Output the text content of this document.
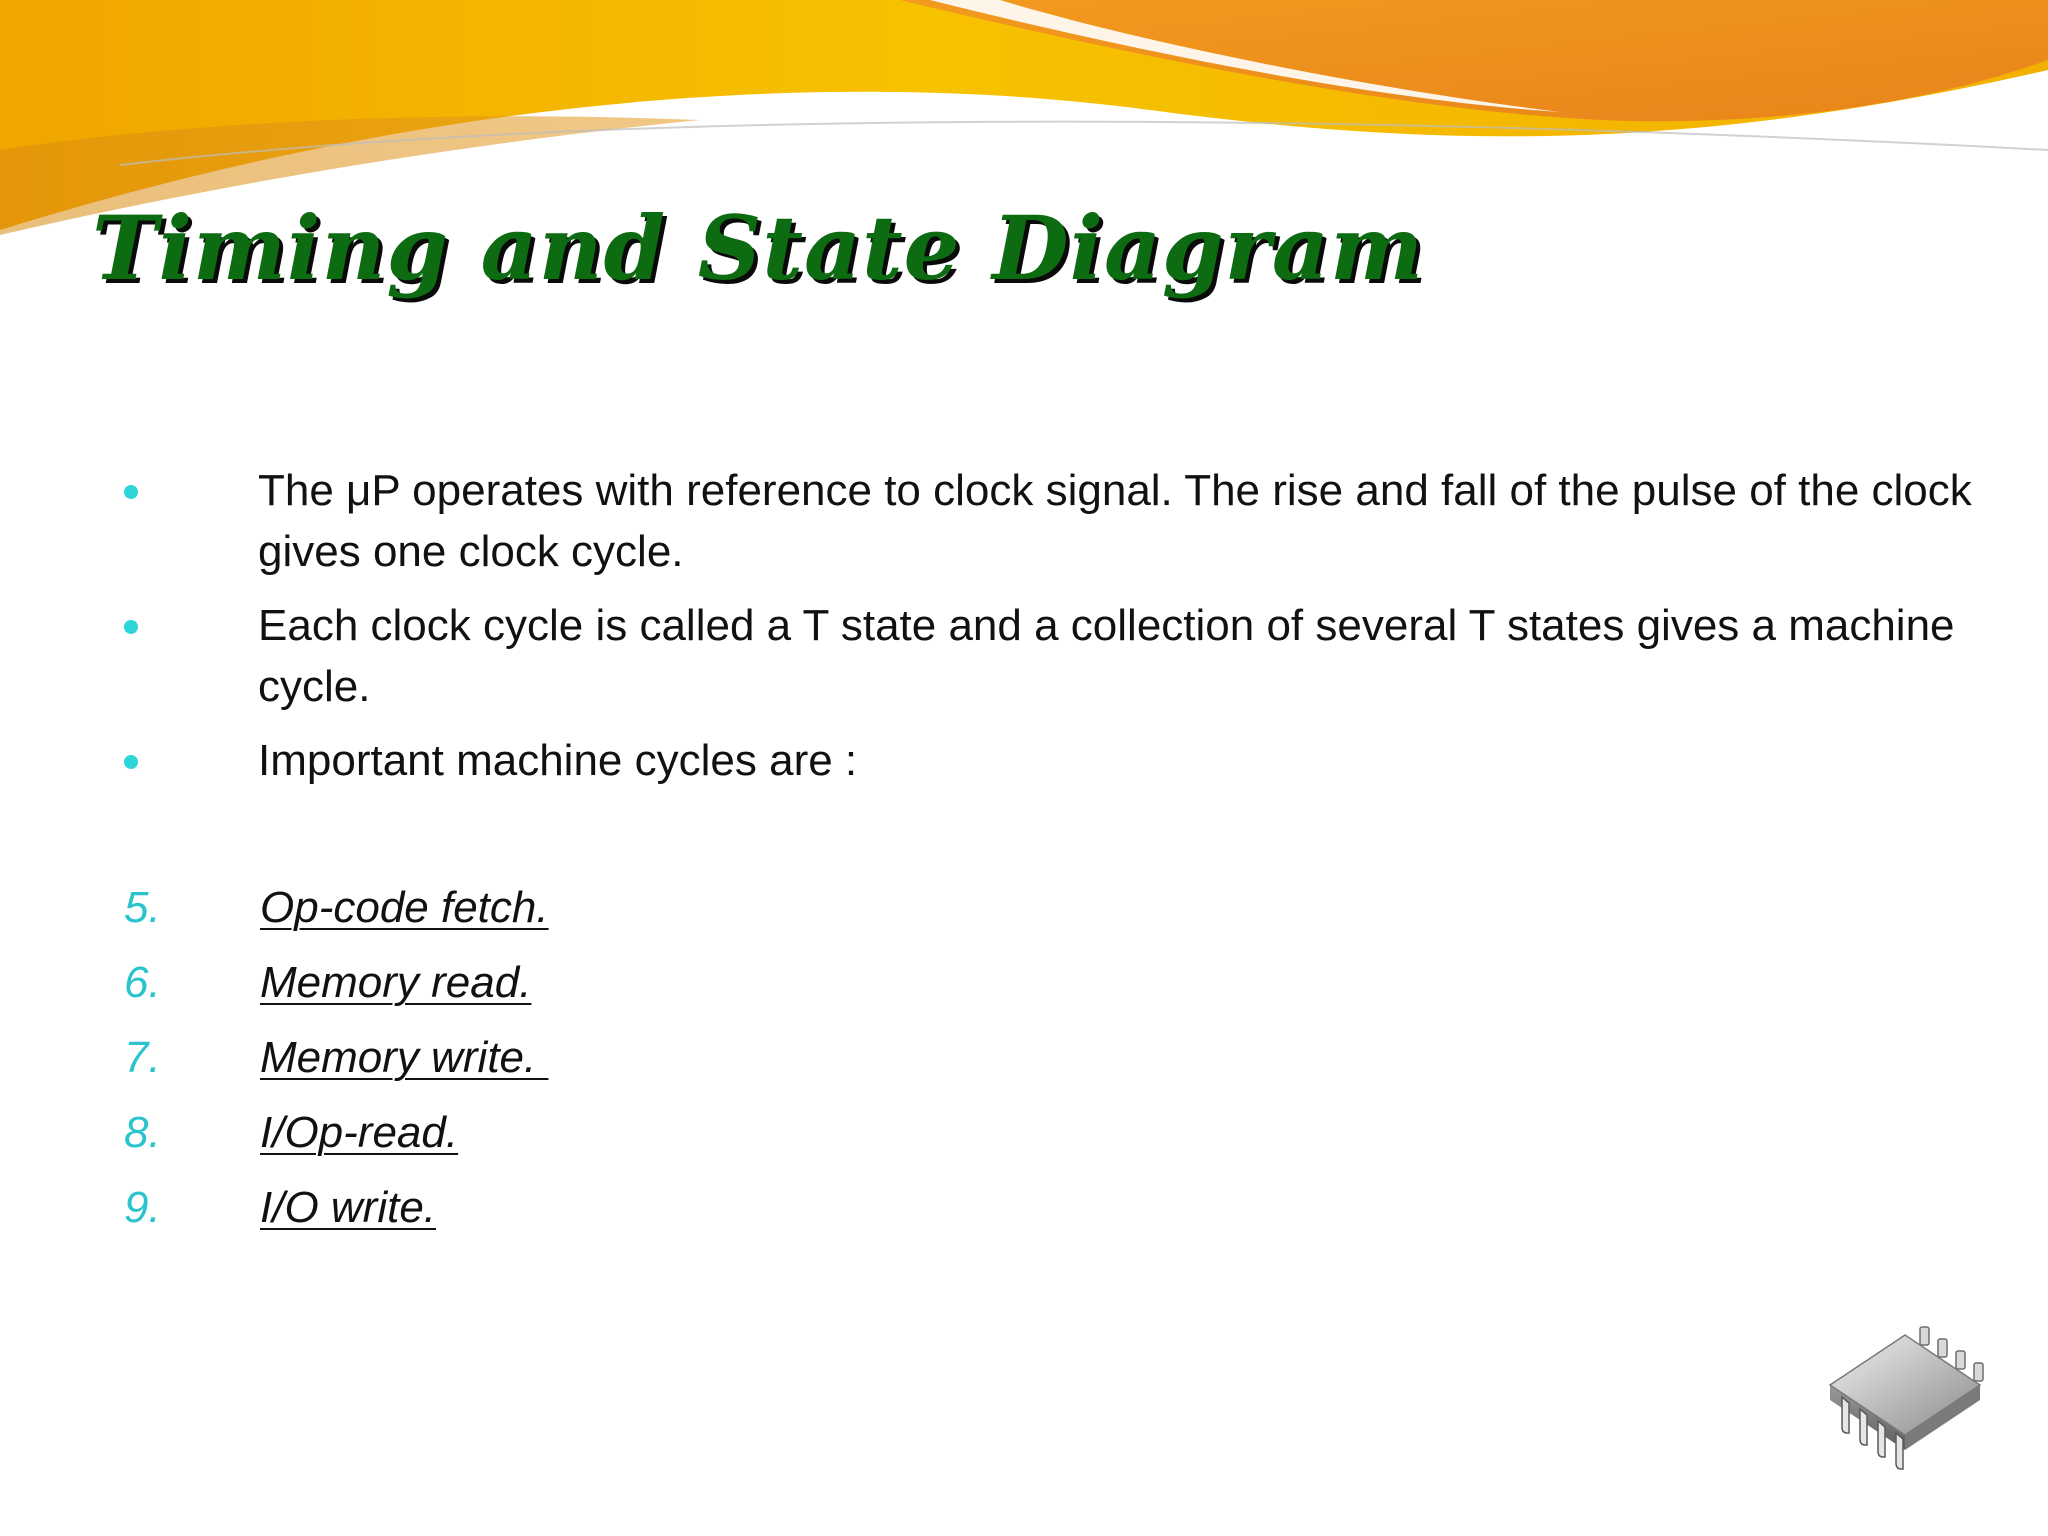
Timing and State Diagram
The μP operates with reference to clock signal. The rise and fall of the pulse of the clock gives one clock cycle.
Each clock cycle is called a T state and a collection of several T states gives a machine cycle.
Important machine cycles are :
5. Op-code fetch.
6. Memory read.
7. Memory write.
8. I/Op-read.
9. I/O write.
